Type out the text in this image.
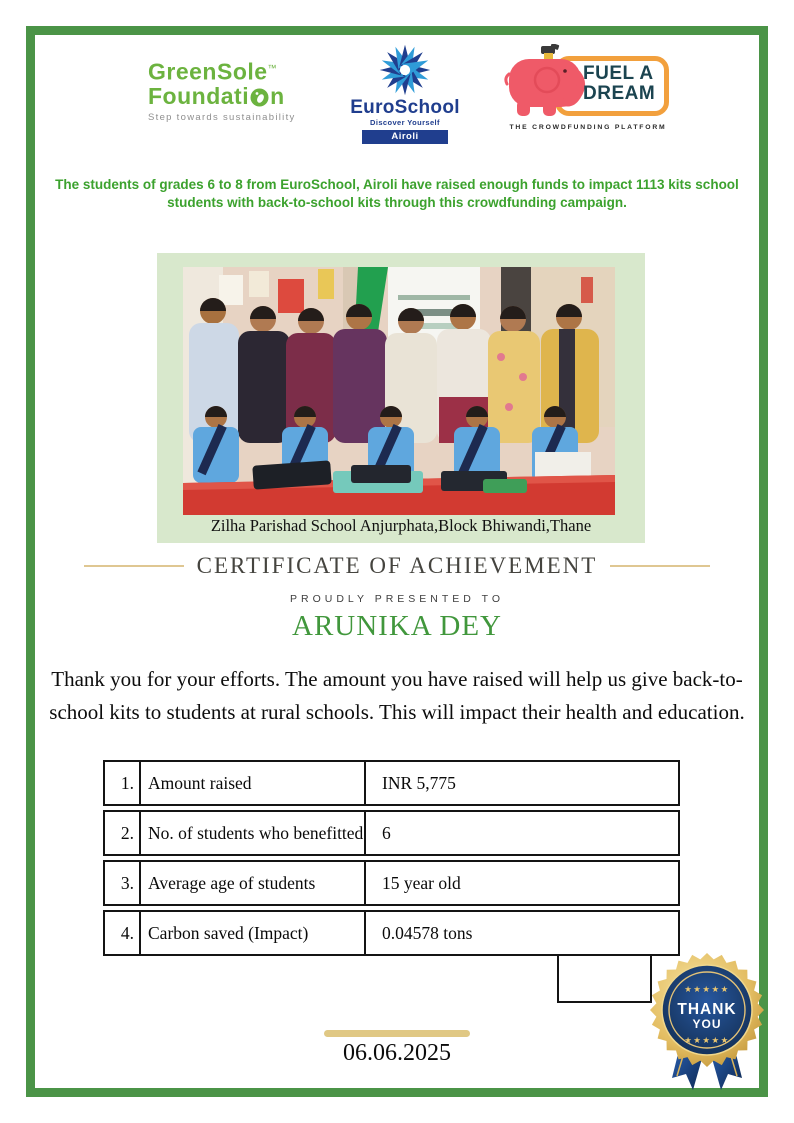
GreenSole™
Foundati n
Step towards sustainability	EuroSchool
Discover Yourself
Airoli
FUEL A
DREAM
THE CROWDFUNDING PLATFORM
The students of grades 6 to 8 from EuroSchool, Airoli have raised enough funds to impact 1113 kits school students with back-to-school kits through this crowdfunding campaign.
Zilha Parishad School Anjurphata,Block Bhiwandi,Thane
CERTIFICATE OF ACHIEVEMENT
PROUDLY PRESENTED TO
ARUNIKA DEY
Thank you for your efforts. The amount you have raised will help us give back-to-school kits to students at rural schools. This will impact their health and education.
1. Amount raised	INR 5,775
2. No. of students who benefitted	6
3. Average age of students	15 year old
4. Carbon saved (Impact)	0.04578 tons
★★★★★
THANK
YOU
★★★★★
06.06.2025
